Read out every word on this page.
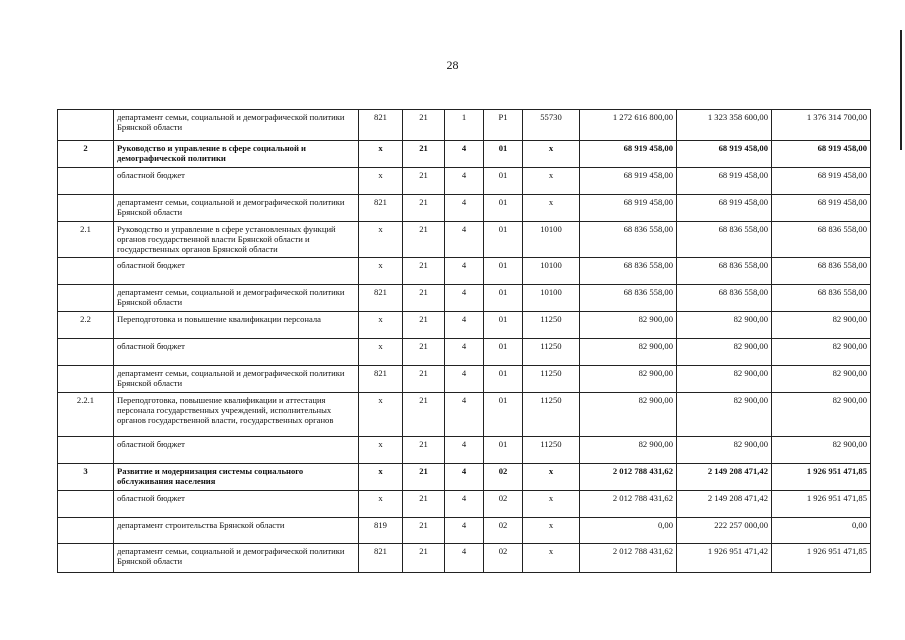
28
	департамент семьи, социальной и демографической политики Брянской области	821	21	1	P1	55730	1 272 616 800,00	1 323 358 600,00	1 376 314 700,00
2	Руководство и управление в сфере социальной и демографической политики	x	21	4	01	x	68 919 458,00	68 919 458,00	68 919 458,00
	областной бюджет	x	21	4	01	x	68 919 458,00	68 919 458,00	68 919 458,00
	департамент семьи, социальной и демографической политики Брянской области	821	21	4	01	x	68 919 458,00	68 919 458,00	68 919 458,00
2.1	Руководство и управление в сфере установленных функций органов государственной власти Брянской области и государственных органов Брянской области	x	21	4	01	10100	68 836 558,00	68 836 558,00	68 836 558,00
	областной бюджет	x	21	4	01	10100	68 836 558,00	68 836 558,00	68 836 558,00
	департамент семьи, социальной и демографической политики Брянской области	821	21	4	01	10100	68 836 558,00	68 836 558,00	68 836 558,00
2.2	Переподготовка и повышение квалификации персонала	x	21	4	01	11250	82 900,00	82 900,00	82 900,00
	областной бюджет	x	21	4	01	11250	82 900,00	82 900,00	82 900,00
	департамент семьи, социальной и демографической политики Брянской области	821	21	4	01	11250	82 900,00	82 900,00	82 900,00
2.2.1	Переподготовка, повышение квалификации и аттестация персонала государственных учреждений, исполнительных органов государственной власти, государственных органов	x	21	4	01	11250	82 900,00	82 900,00	82 900,00
	областной бюджет	x	21	4	01	11250	82 900,00	82 900,00	82 900,00
3	Развитие и модернизация системы социального обслуживания населения	x	21	4	02	x	2 012 788 431,62	2 149 208 471,42	1 926 951 471,85
	областной бюджет	x	21	4	02	x	2 012 788 431,62	2 149 208 471,42	1 926 951 471,85
	департамент строительства Брянской области	819	21	4	02	x	0,00	222 257 000,00	0,00
	департамент семьи, социальной и демографической политики Брянской области	821	21	4	02	x	2 012 788 431,62	1 926 951 471,42	1 926 951 471,85
